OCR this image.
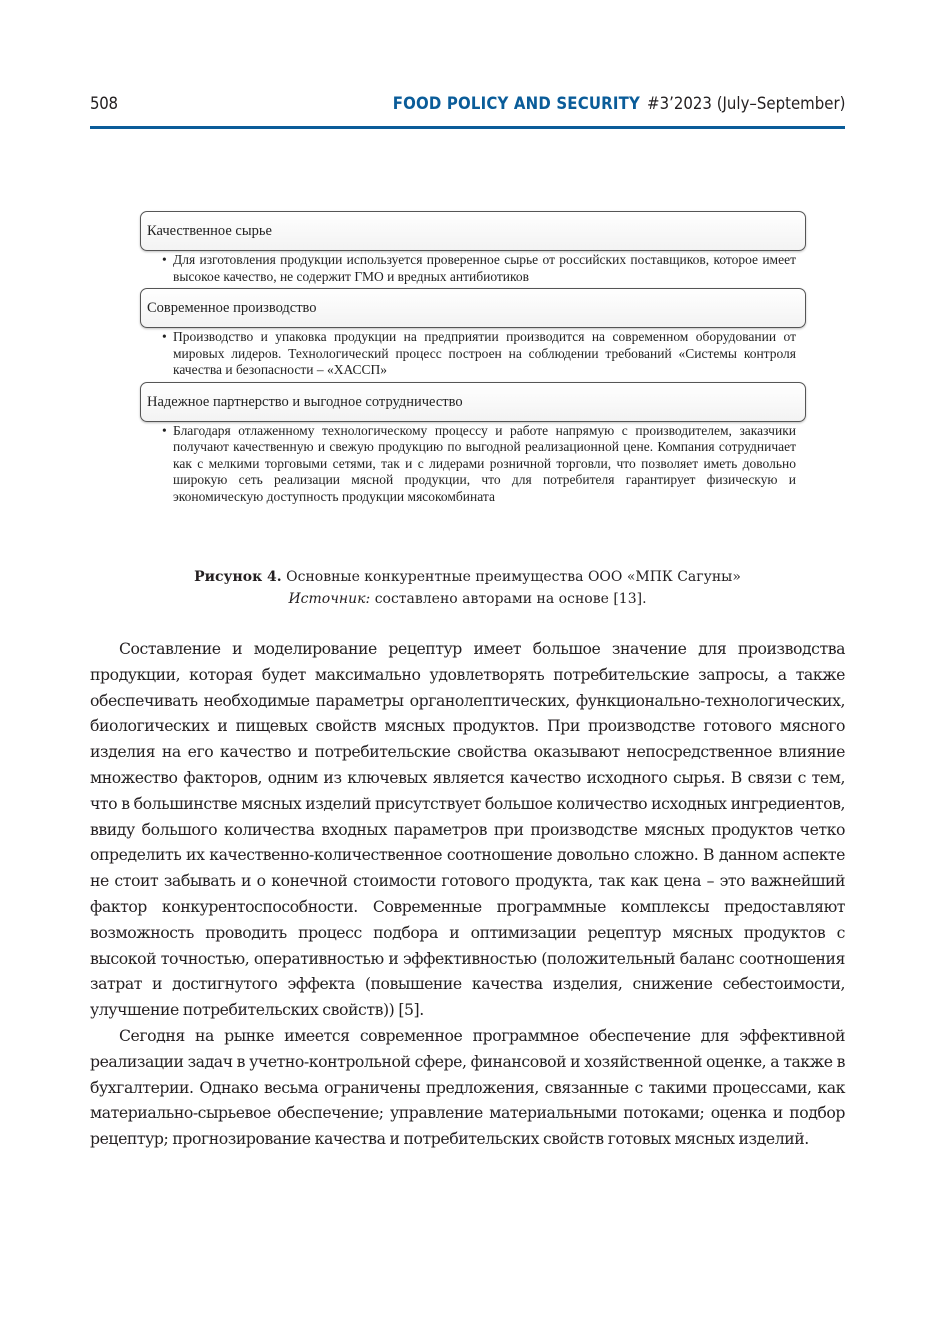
508	FOOD POLICY AND SECURITY #3’2023 (July–September)
Качественное сырье
• Для изготовления продукции используется проверенное сырье от российских поставщиков, которое имеет высокое качество, не содержит ГМО и вредных антибиотиков
Современное производство
• Производство и упаковка продукции на предприятии производится на современном оборудовании от мировых лидеров. Технологический процесс построен на соблюдении требований «Системы контроля качества и безопасности – «ХАССП»
Надежное партнерство и выгодное сотрудничество
• Благодаря отлаженному технологическому процессу и работе напрямую с производителем, заказчики получают качественную и свежую продукцию по выгодной реализационной цене. Компания сотрудничает как с мелкими торговыми сетями, так и с лидерами розничной торговли, что позволяет иметь довольно широкую сеть реализации мясной продукции, что для потребителя гарантирует физическую и экономическую доступность продукции мясокомбината
Рисунок 4. Основные конкурентные преимущества ООО «МПК Сагуны»
Источник: составлено авторами на основе [13].

Составление и моделирование рецептур имеет большое значение для производства продукции, которая будет максимально удовлетворять потребительские запросы, а также обеспечивать необходимые параметры органолептических, функционально-технологических, биологических и пищевых свойств мясных продуктов. При производстве готового мясного изделия на его качество и потребительские свойства оказывают непосредственное влияние множество факторов, одним из ключевых является качество исходного сырья. В связи с тем, что в большинстве мясных изделий присутствует большое количество исходных ингредиентов, ввиду большого количества входных параметров при производстве мясных продуктов четко определить их качественно-количественное соотношение довольно сложно. В данном аспекте не стоит забывать и о конечной стоимости готового продукта, так как цена – это важнейший фактор конкурентоспособности. Современные программные комплексы предоставляют возможность проводить процесс подбора и оптимизации рецептур мясных продуктов с высокой точностью, оперативностью и эффективностью (положительный баланс соотношения затрат и достигнутого эффекта (повышение качества изделия, снижение себестоимости, улучшение потребительских свойств)) [5].

Сегодня на рынке имеется современное программное обеспечение для эффективной реализации задач в учетно-контрольной сфере, финансовой и хозяйственной оценке, а также в бухгалтерии. Однако весьма ограничены предложения, связанные с такими процессами, как материально-сырьевое обеспечение; управление материальными потоками; оценка и подбор рецептур; прогнозирование качества и потребительских свойств готовых мясных изделий.
